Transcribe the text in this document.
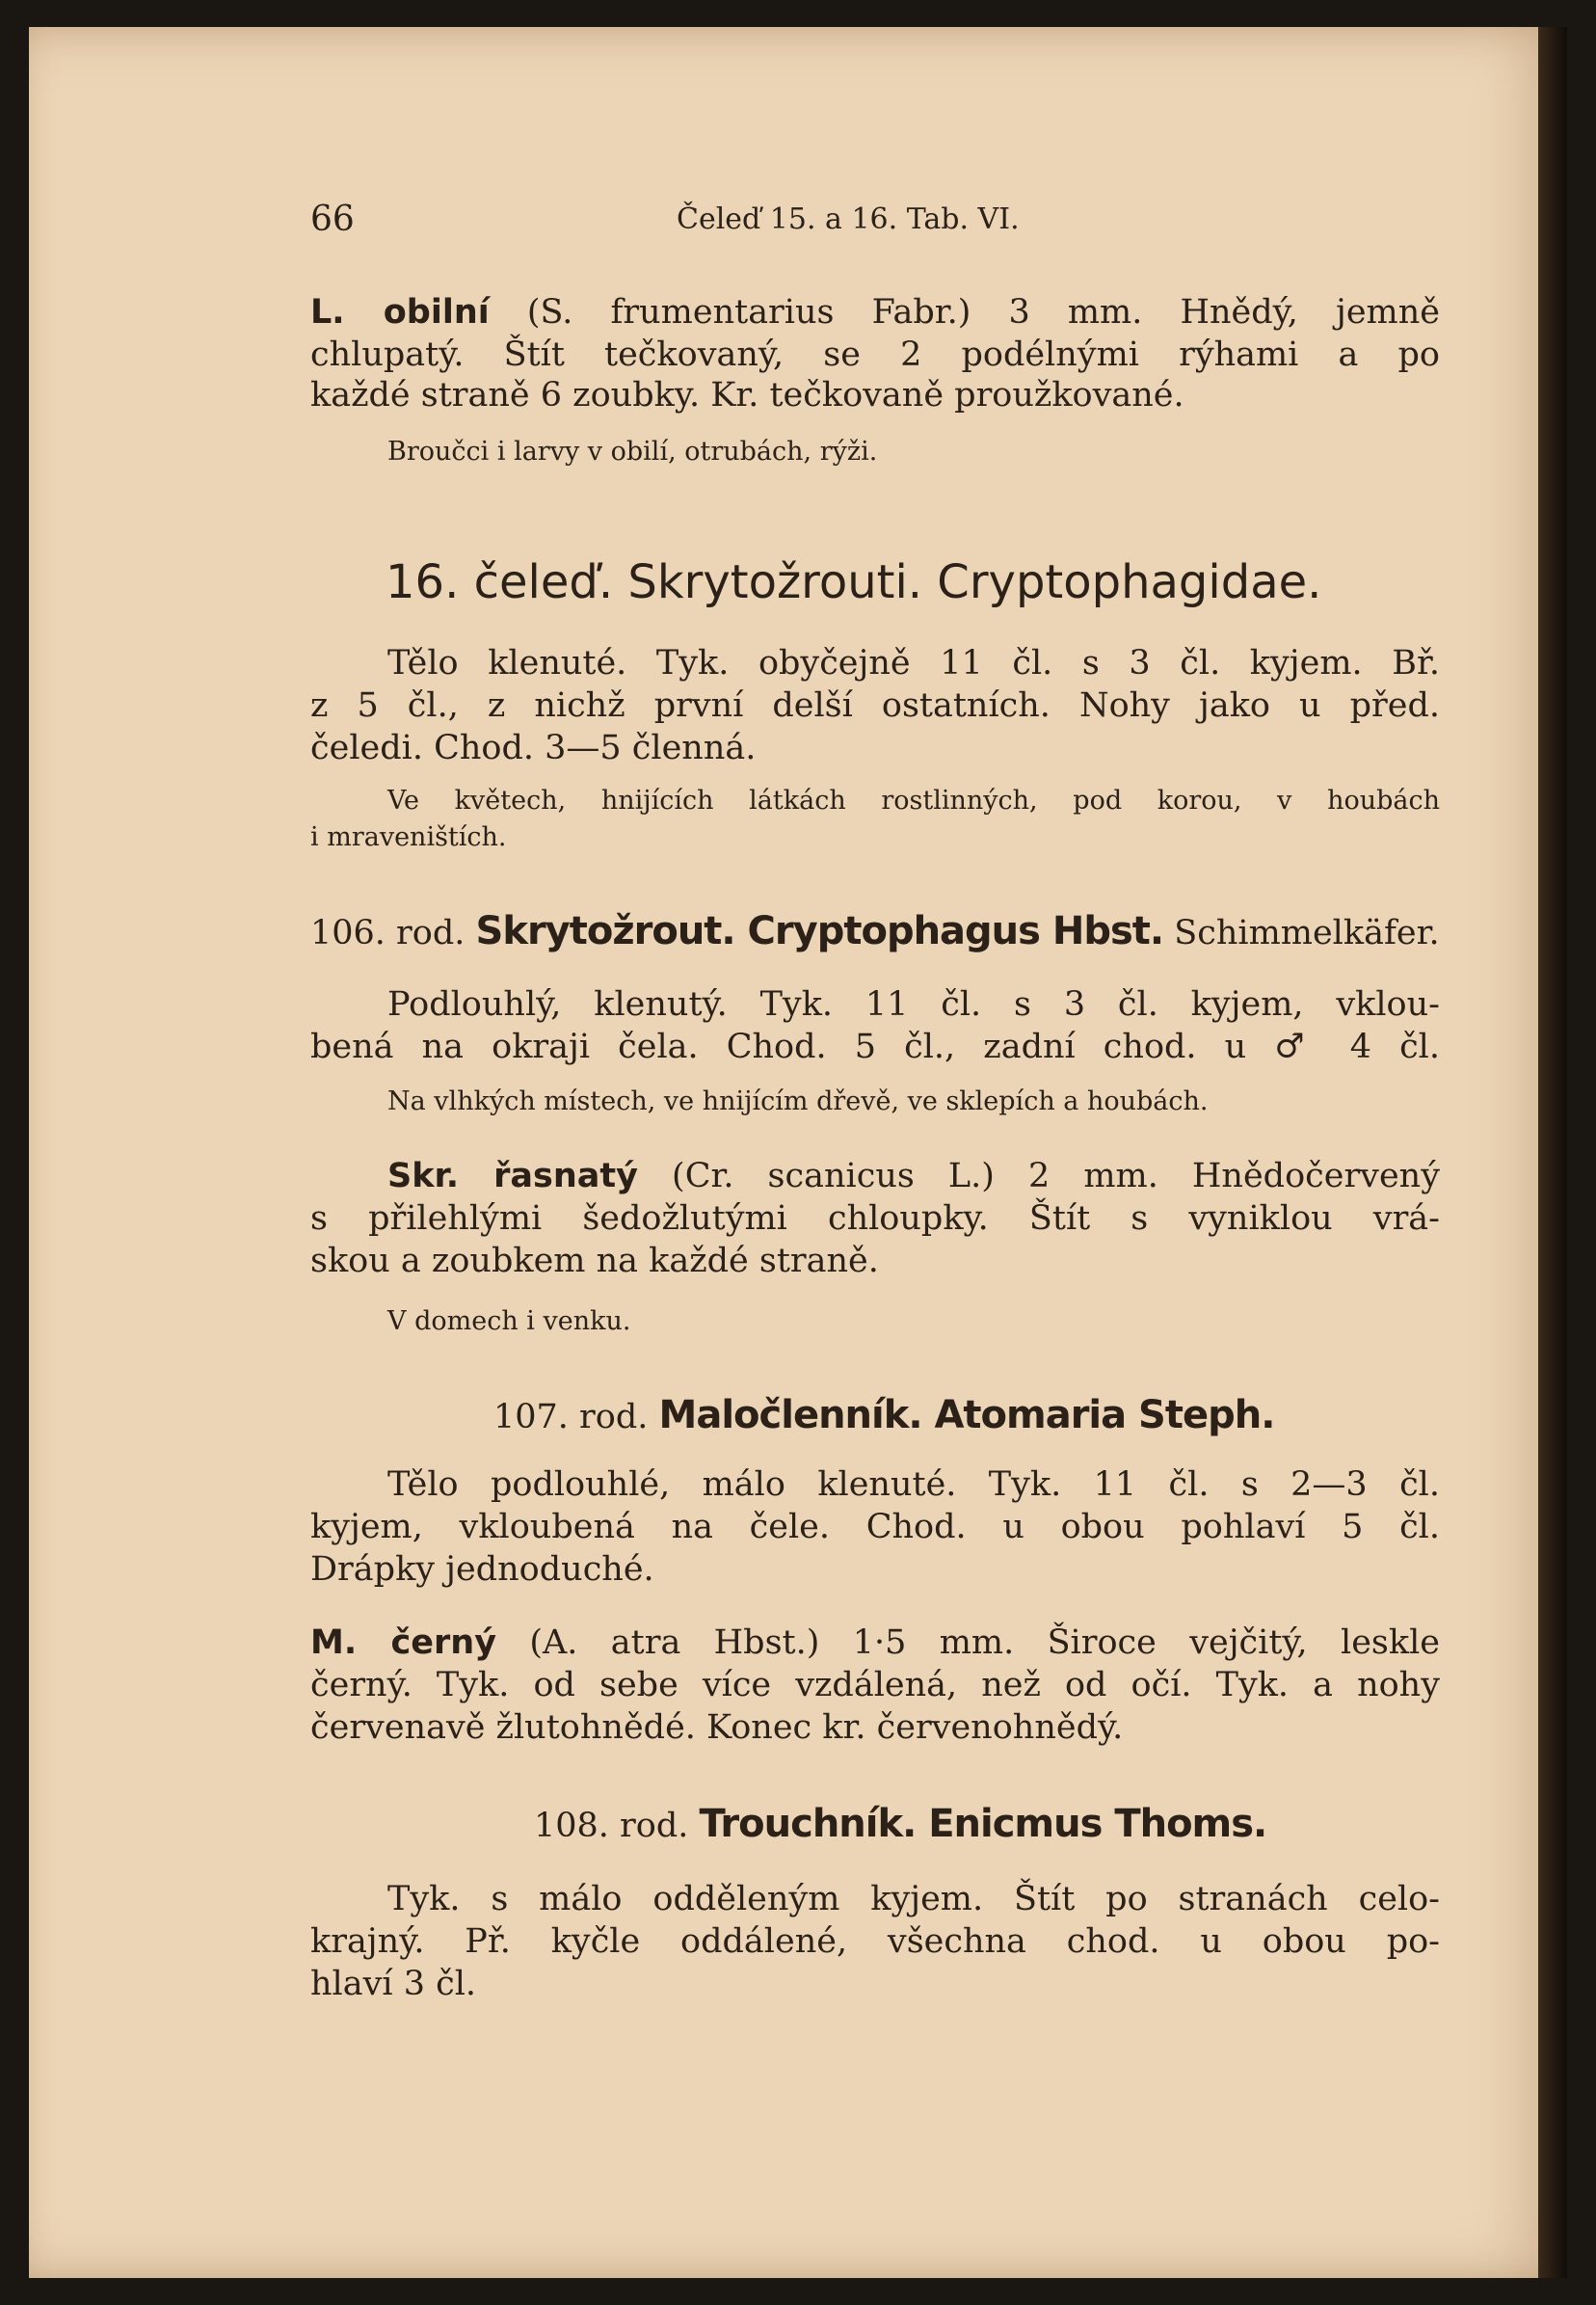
66	Čeleď 15. a 16. Tab. VI.
L. obilní (S. frumentarius Fabr.) 3 mm. Hnědý, jemně
chlupatý. Štít tečkovaný, se 2 podélnými rýhami a po
každé straně 6 zoubky. Kr. tečkovaně proužkované.
Broučci i larvy v obilí, otrubách, rýži.
16. čeleď. Skrytožrouti. Cryptophagidae.
Tělo klenuté. Tyk. obyčejně 11 čl. s 3 čl. kyjem. Bř.
z 5 čl., z nichž první delší ostatních. Nohy jako u před.
čeledi. Chod. 3—5 členná.
Ve květech, hnijících látkách rostlinných, pod korou, v houbách
i mraveništích.
106. rod. Skrytožrout. Cryptophagus Hbst. Schimmelkäfer.
Podlouhlý, klenutý. Tyk. 11 čl. s 3 čl. kyjem, vklou-
bená na okraji čela. Chod. 5 čl., zadní chod. u ♂ 4 čl.
Na vlhkých místech, ve hnijícím dřevě, ve sklepích a houbách.
Skr. řasnatý (Cr. scanicus L.) 2 mm. Hnědočervený
s přilehlými šedožlutými chloupky. Štít s vyniklou vrá-
skou a zoubkem na každé straně.
V domech i venku.
107. rod. Maločlenník. Atomaria Steph.
Tělo podlouhlé, málo klenuté. Tyk. 11 čl. s 2—3 čl.
kyjem, vkloubená na čele. Chod. u obou pohlaví 5 čl.
Drápky jednoduché.
M. černý (A. atra Hbst.) 1·5 mm. Široce vejčitý, leskle
černý. Tyk. od sebe více vzdálená, než od očí. Tyk. a nohy
červenavě žlutohnědé. Konec kr. červenohnědý.
108. rod. Trouchník. Enicmus Thoms.
Tyk. s málo odděleným kyjem. Štít po stranách celo-
krajný. Př. kyčle oddálené, všechna chod. u obou po-
hlaví 3 čl.
